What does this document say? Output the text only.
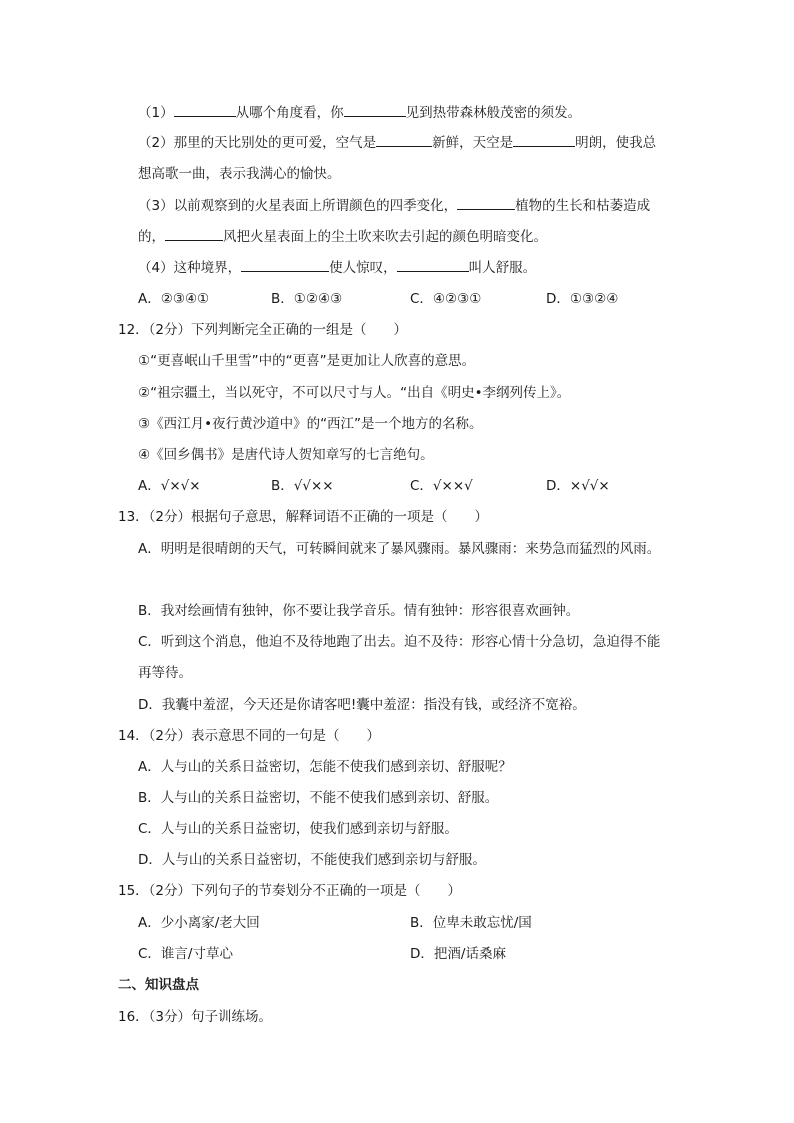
（1）	从哪个角度看，你	见到热带森林般茂密的须发。
（2）那里的天比别处的更可爱，空气是	新鲜，天空是	明朗，使我总
想高歌一曲，表示我满心的愉快。
（3）以前观察到的火星表面上所谓颜色的四季变化，	植物的生长和枯萎造成
的，	风把火星表面上的尘土吹来吹去引起的颜色明暗变化。
（4）这种境界，	使人惊叹，	叫人舒服。
A．②③④①	B．①②④③	C．④②③①	D．①③②④
12．（2分）下列判断完全正确的一组是（　　）
①“更喜岷山千里雪”中的“更喜”是更加让人欣喜的意思。
②“祖宗疆土，当以死守，不可以尺寸与人。“出自《明史•李纲列传上》。
③《西江月•夜行黄沙道中》的“西江”是一个地方的名称。
④《回乡偶书》是唐代诗人贺知章写的七言绝句。
A．√×√×	B．√√××	C．√××√	D．×√√×
13．（2分）根据句子意思，解释词语不正确的一项是（　　）
A．明明是很晴朗的天气，可转瞬间就来了暴风骤雨。暴风骤雨：来势急而猛烈的风雨。
B．我对绘画情有独钟，你不要让我学音乐。情有独钟：形容很喜欢画钟。
C．听到这个消息，他迫不及待地跑了出去。迫不及待：形容心情十分急切，急迫得不能
再等待。
D．我囊中羞涩，今天还是你请客吧!囊中羞涩：指没有钱，或经济不宽裕。
14．（2分）表示意思不同的一句是（　　）
A．人与山的关系日益密切，怎能不使我们感到亲切、舒服呢？
B．人与山的关系日益密切，不能不使我们感到亲切、舒服。
C．人与山的关系日益密切，使我们感到亲切与舒服。
D．人与山的关系日益密切，不能使我们感到亲切与舒服。
15．（2分）下列句子的节奏划分不正确的一项是（　　）
A．少小离家/老大回	B．位卑未敢忘忧/国
C．谁言/寸草心	D．把酒/话桑麻
二、知识盘点
16．（3分）句子训练场。
